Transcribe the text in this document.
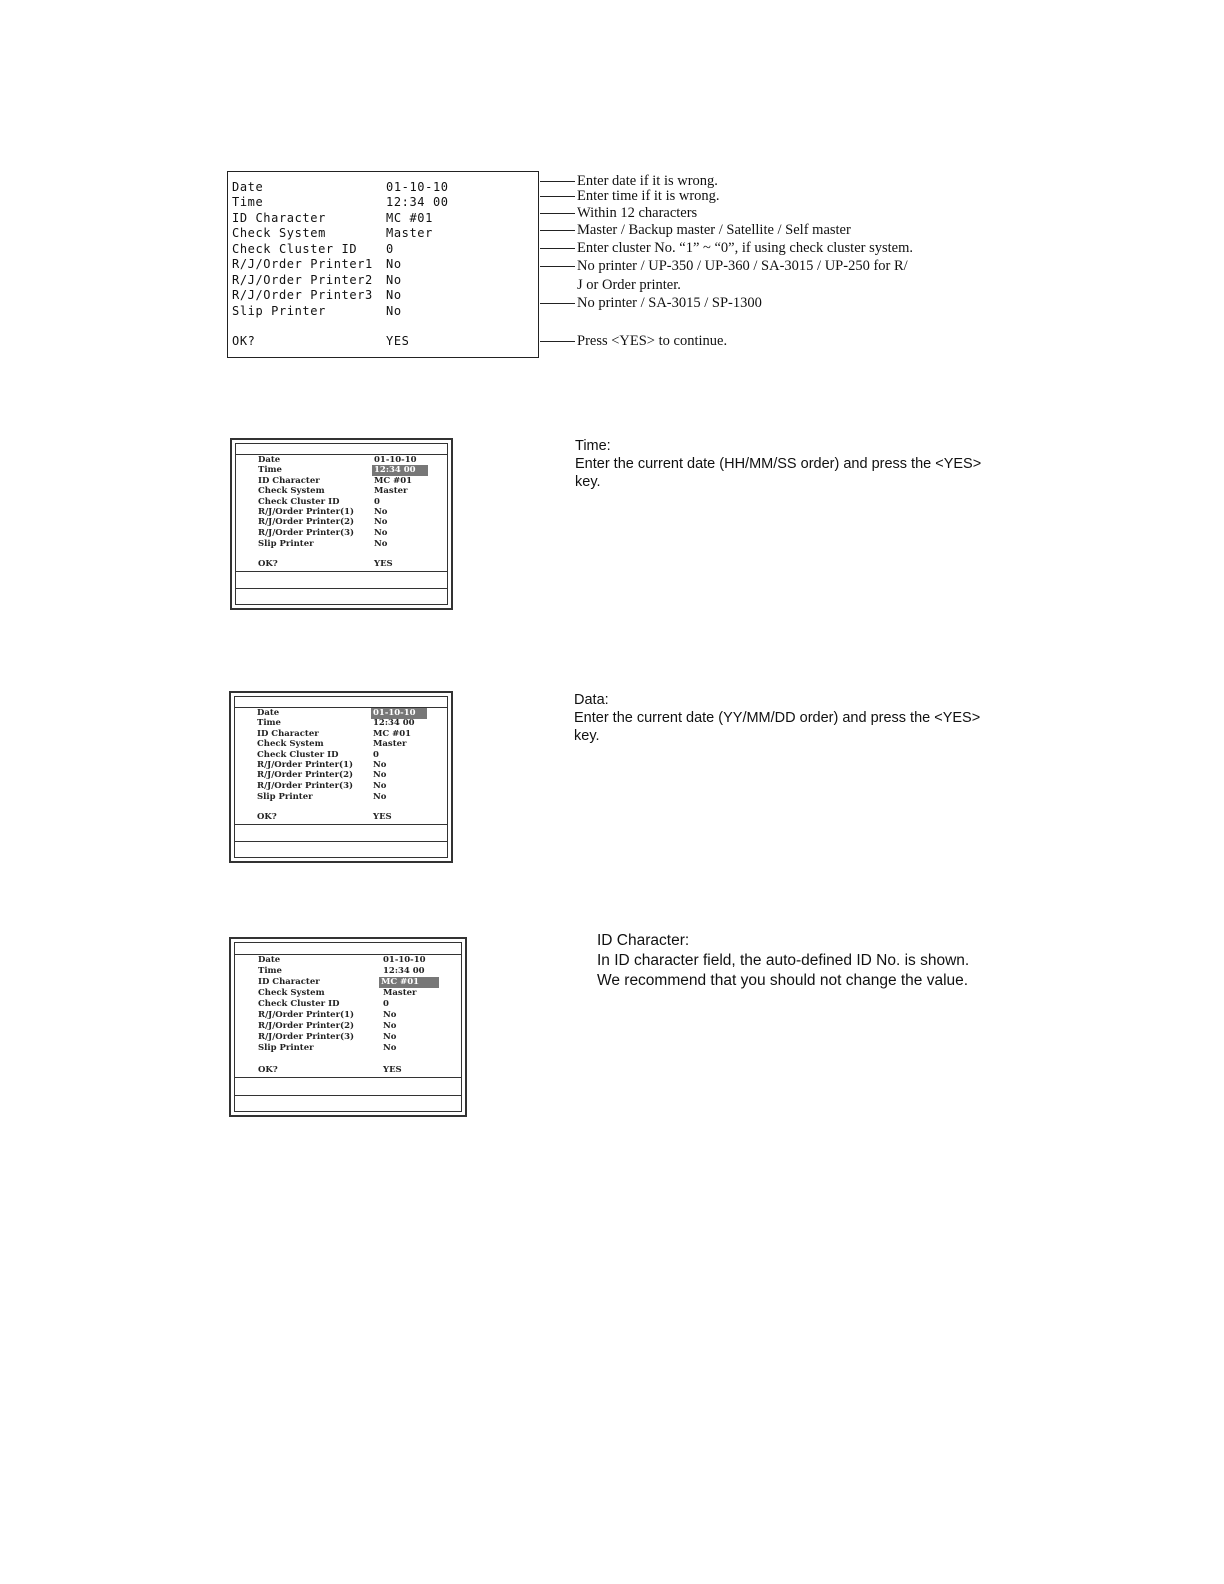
Date	01-10-10
Time	12:34 00
ID Character	MC #01
Check System	Master
Check Cluster ID 0
R/J/Order Printer1 No
R/J/Order Printer2 No
R/J/Order Printer3 No
Slip Printer	No
OK?	YES
Enter date if it is wrong.
Enter time if it is wrong.
Within 12 characters
Master / Backup master / Satellite / Self master
Enter cluster No. “1” ~ “0”, if using check cluster system.
No printer / UP-350 / UP-360 / SA-3015 / UP-250 for R/
J or Order printer.
No printer / SA-3015 / SP-1300
Press <YES> to continue.
Date	01-10-10
Time	12:34 00
ID Character	MC #01
Check System	Master
Check Cluster ID	0
R/J/Order Printer(1) No
R/J/Order Printer(2) No
R/J/Order Printer(3) No
Slip Printer	No
OK?	YES
Time:
Enter the current date (HH/MM/SS order) and press the <YES>
key.
Date	01-10-10
Time	12:34 00
ID Character	MC #01
Check System	Master
Check Cluster ID	0
R/J/Order Printer(1) No
R/J/Order Printer(2) No
R/J/Order Printer(3) No
Slip Printer	No
OK?	YES
Data:
Enter the current date (YY/MM/DD order) and press the <YES>
key.
Date	01-10-10
Time	12:34 00
ID Character	MC #01
Check System	Master
Check Cluster ID	0
R/J/Order Printer(1)	No
R/J/Order Printer(2)	No
R/J/Order Printer(3)	No
Slip Printer	No
OK?	YES
ID Character:
In ID character field, the auto-defined ID No. is shown.
We recommend that you should not change the value.
